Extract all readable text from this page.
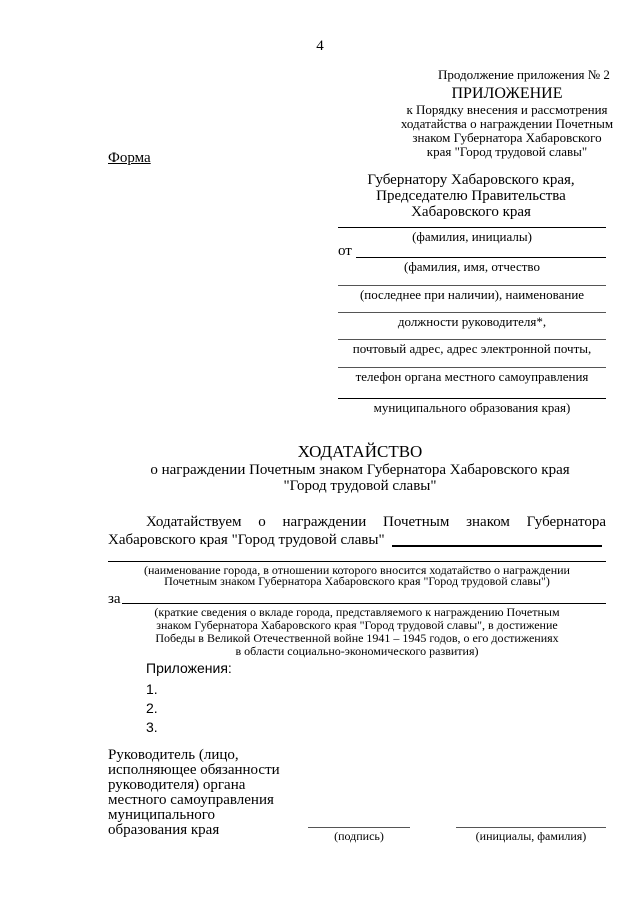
4
Продолжение приложения № 2
ПРИЛОЖЕНИЕ
к Порядку внесения и рассмотрения
ходатайства о награждении Почетным
знаком Губернатора Хабаровского
края "Город трудовой славы"
Форма
Губернатору Хабаровского края,
Председателю Правительства
Хабаровского края
(фамилия, инициалы)
от
(фамилия, имя, отчество
(последнее при наличии), наименование
должности руководителя*,
почтовый адрес, адрес электронной почты,
телефон органа местного самоуправления
муниципального образования края)
ХОДАТАЙСТВО
о награждении Почетным знаком Губернатора Хабаровского края
"Город трудовой славы"
Ходатайствуем о награждении Почетным знаком Губернатора
Хабаровского края "Город трудовой славы"
(наименование города, в отношении которого вносится ходатайство о награждении
Почетным знаком Губернатора Хабаровского края "Город трудовой славы")
за
(краткие сведения о вкладе города, представляемого к награждению Почетным
знаком Губернатора Хабаровского края "Город трудовой славы", в достижение
Победы в Великой Отечественной войне 1941 – 1945 годов, о его достижениях
в области социально-экономического развития)
Приложения:
1.
2.
3.
Руководитель (лицо,
исполняющее обязанности
руководителя) органа
местного самоуправления
муниципального
образования края	(подпись)	(инициалы, фамилия)
